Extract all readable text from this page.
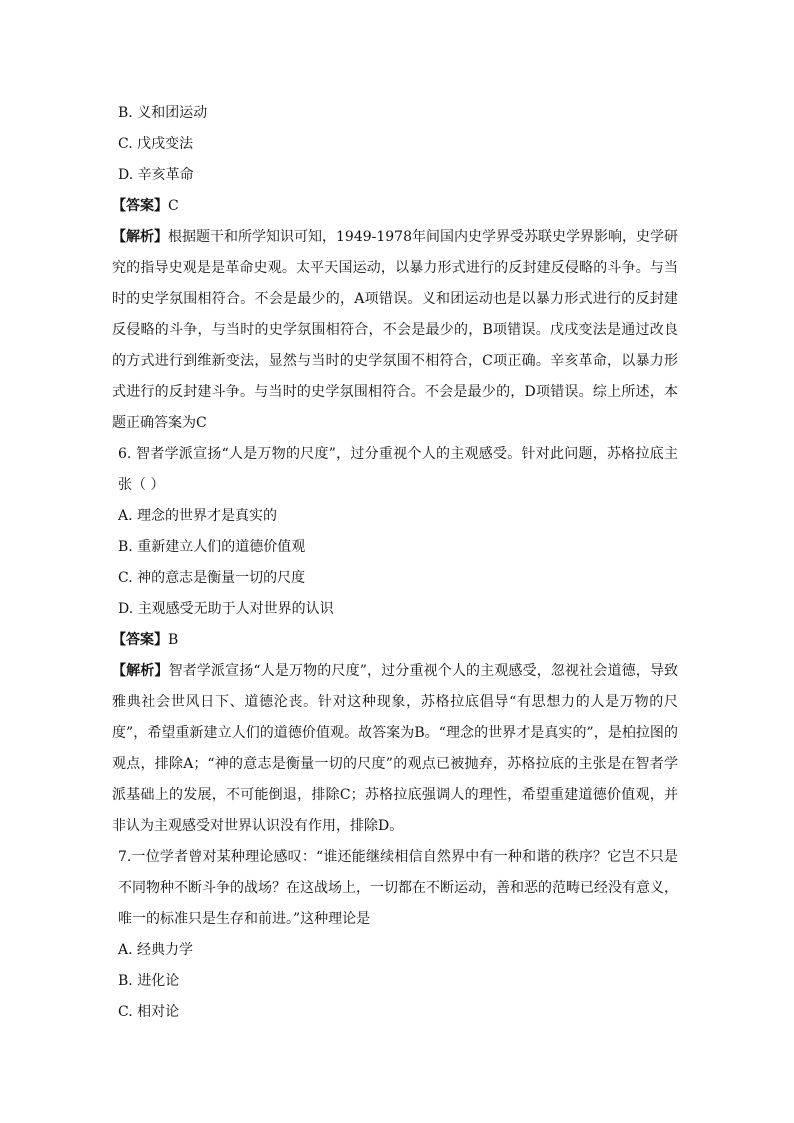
B. 义和团运动
C. 戊戌变法
D. 辛亥革命
【答案】C
【解析】根据题干和所学知识可知，1949-1978年间国内史学界受苏联史学界影响，史学研究的指导史观是是革命史观。太平天国运动，以暴力形式进行的反封建反侵略的斗争。与当时的史学氛围相符合。不会是最少的，A项错误。义和团运动也是以暴力形式进行的反封建反侵略的斗争，与当时的史学氛围相符合，不会是最少的，B项错误。戊戌变法是通过改良的方式进行到维新变法，显然与当时的史学氛围不相符合，C项正确。辛亥革命，以暴力形式进行的反封建斗争。与当时的史学氛围相符合。不会是最少的，D项错误。综上所述，本题正确答案为C
6. 智者学派宣扬“人是万物的尺度”，过分重视个人的主观感受。针对此问题，苏格拉底主张（ ）
A. 理念的世界才是真实的
B. 重新建立人们的道德价值观
C. 神的意志是衡量一切的尺度
D. 主观感受无助于人对世界的认识
【答案】B
【解析】智者学派宣扬“人是万物的尺度”，过分重视个人的主观感受，忽视社会道德，导致雅典社会世风日下、道德沦丧。针对这种现象，苏格拉底倡导“有思想力的人是万物的尺度”，希望重新建立人们的道德价值观。故答案为B。“理念的世界才是真实的”，是柏拉图的观点，排除A；“神的意志是衡量一切的尺度”的观点已被抛弃，苏格拉底的主张是在智者学派基础上的发展，不可能倒退，排除C；苏格拉底强调人的理性，希望重建道德价值观，并非认为主观感受对世界认识没有作用，排除D。
7.一位学者曾对某种理论感叹：“谁还能继续相信自然界中有一种和谐的秩序？它岂不只是不同物种不断斗争的战场？在这战场上，一切都在不断运动，善和恶的范畴已经没有意义，唯一的标准只是生存和前进。”这种理论是
A. 经典力学
B. 进化论
C. 相对论
